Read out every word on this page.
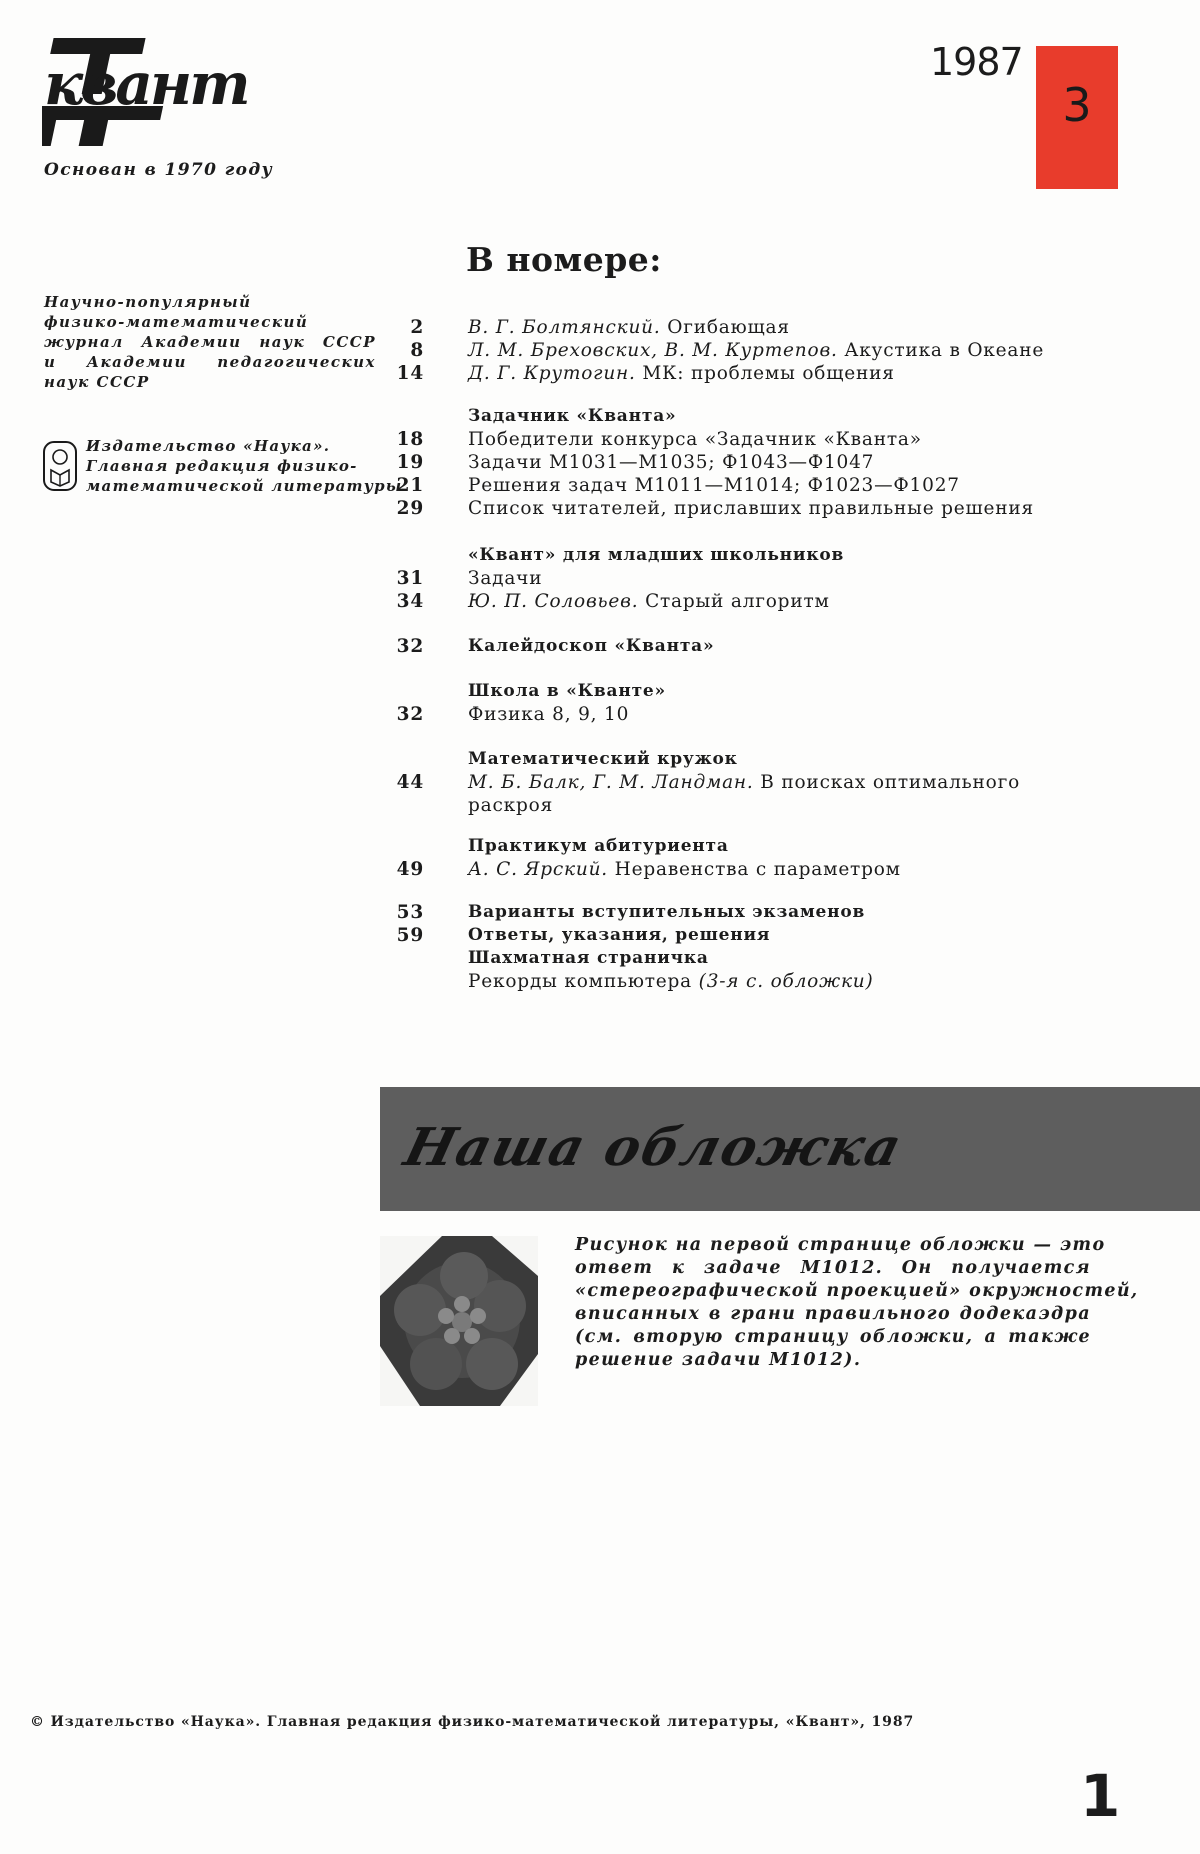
квант
Основан в 1970 году
1987
3
Научно-популярный
физико-математический
журнал Академии наук СССР
и Академии педагогических
наук СССР
Издательство «Наука».
Главная редакция физико-
математической литературы
В номере:
2 В. Г. Болтянский. Огибающая
8 Л. М. Бреховских, В. М. Куртепов. Акустика в Океане
14 Д. Г. Крутогин. МК: проблемы общения
Задачник «Кванта»
18 Победители конкурса «Задачник «Кванта»
19 Задачи М1031—М1035; Ф1043—Ф1047
21 Решения задач М1011—М1014; Ф1023—Ф1027
29 Список читателей, приславших правильные решения
«Квант» для младших школьников
31 Задачи
34 Ю. П. Соловьев. Старый алгоритм
32	Калейдоскоп «Кванта»
Школа в «Кванте»
32 Физика 8, 9, 10
Математический кружок
44 М. Б. Балк, Г. М. Ландман. В поисках оптимального
раскроя
Практикум абитуриента
49 А. С. Ярский. Неравенства с параметром
53	Варианты вступительных экзаменов
59	Ответы, указания, решения
Шахматная страничка
Рекорды компьютера (3-я с. обложки)
Наша обложка
Рисунок на первой странице обложки — это
ответ к задаче М1012. Он получается
«стереографической проекцией» окружностей,
вписанных в грани правильного додекаэдра
(см. вторую страницу обложки, а также
решение задачи М1012).
© Издательство «Наука». Главная редакция физико-математической литературы, «Квант», 1987
1
